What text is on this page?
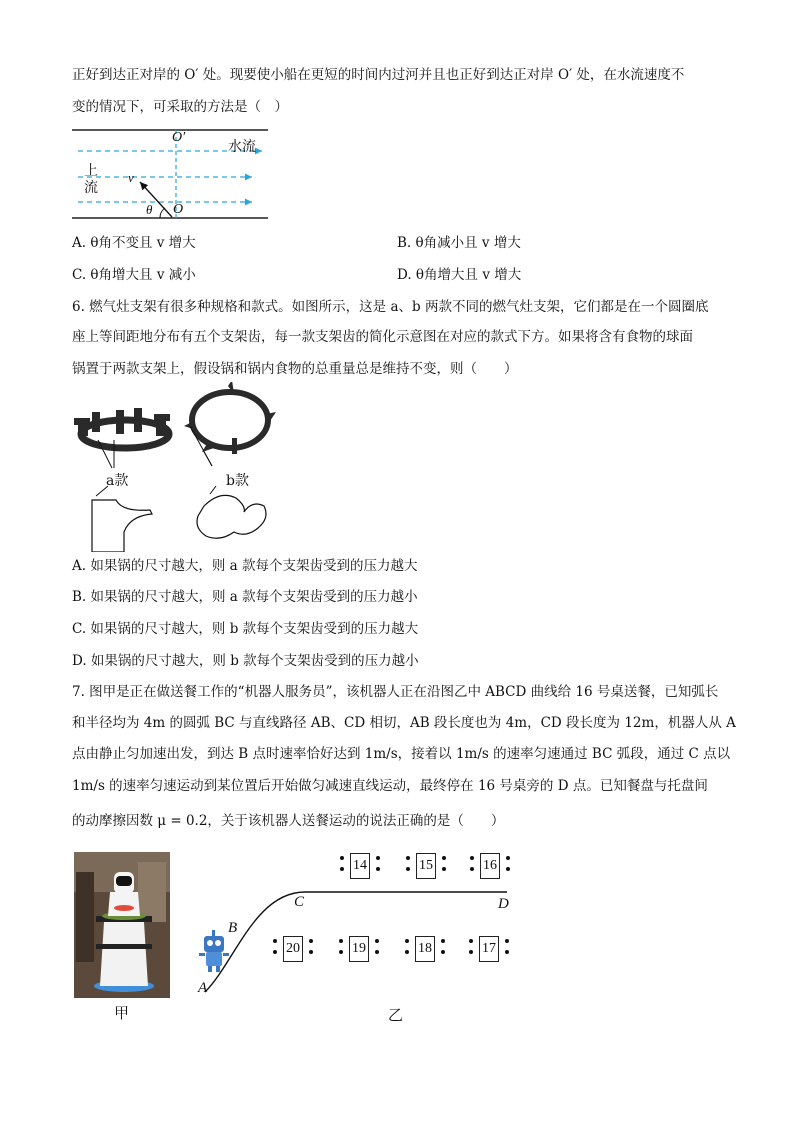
正好到达正对岸的 O′ 处。现要使小船在更短的时间内过河并且也正好到达正对岸 O′ 处，在水流速度不
变的情况下，可采取的方法是（　）
O′
水流
上
流
v
θ O
A. θ角不变且 v 增大	B. θ角减小且 v 增大
C. θ角增大且 v 减小	D. θ角增大且 v 增大
6. 燃气灶支架有很多种规格和款式。如图所示，这是 a、b 两款不同的燃气灶支架，它们都是在一个圆圈底
座上等间距地分布有五个支架齿，每一款支架齿的简化示意图在对应的款式下方。如果将含有食物的球面
锅置于两款支架上，假设锅和锅内食物的总重量总是维持不变，则（　　）
a款	b款
A. 如果锅的尺寸越大，则 a 款每个支架齿受到的压力越大
B. 如果锅的尺寸越大，则 a 款每个支架齿受到的压力越小
C. 如果锅的尺寸越大，则 b 款每个支架齿受到的压力越大
D. 如果锅的尺寸越大，则 b 款每个支架齿受到的压力越小
7. 图甲是正在做送餐工作的“机器人服务员”，该机器人正在沿图乙中 ABCD 曲线给 16 号桌送餐，已知弧长
和半径均为 4m 的圆弧 BC 与直线路径 AB、CD 相切，AB 段长度也为 4m，CD 段长度为 12m，机器人从 A
点由静止匀加速出发，到达 B 点时速率恰好达到 1m/s，接着以 1m/s 的速率匀速通过 BC 弧段，通过 C 点以
1m/s 的速率匀速运动到某位置后开始做匀减速直线运动，最终停在 16 号桌旁的 D 点。已知餐盘与托盘间
的动摩擦因数 μ = 0.2，关于该机器人送餐运动的说法正确的是（　　）
甲
A
B
C	D
14	15	16
20	19	18	17
乙
